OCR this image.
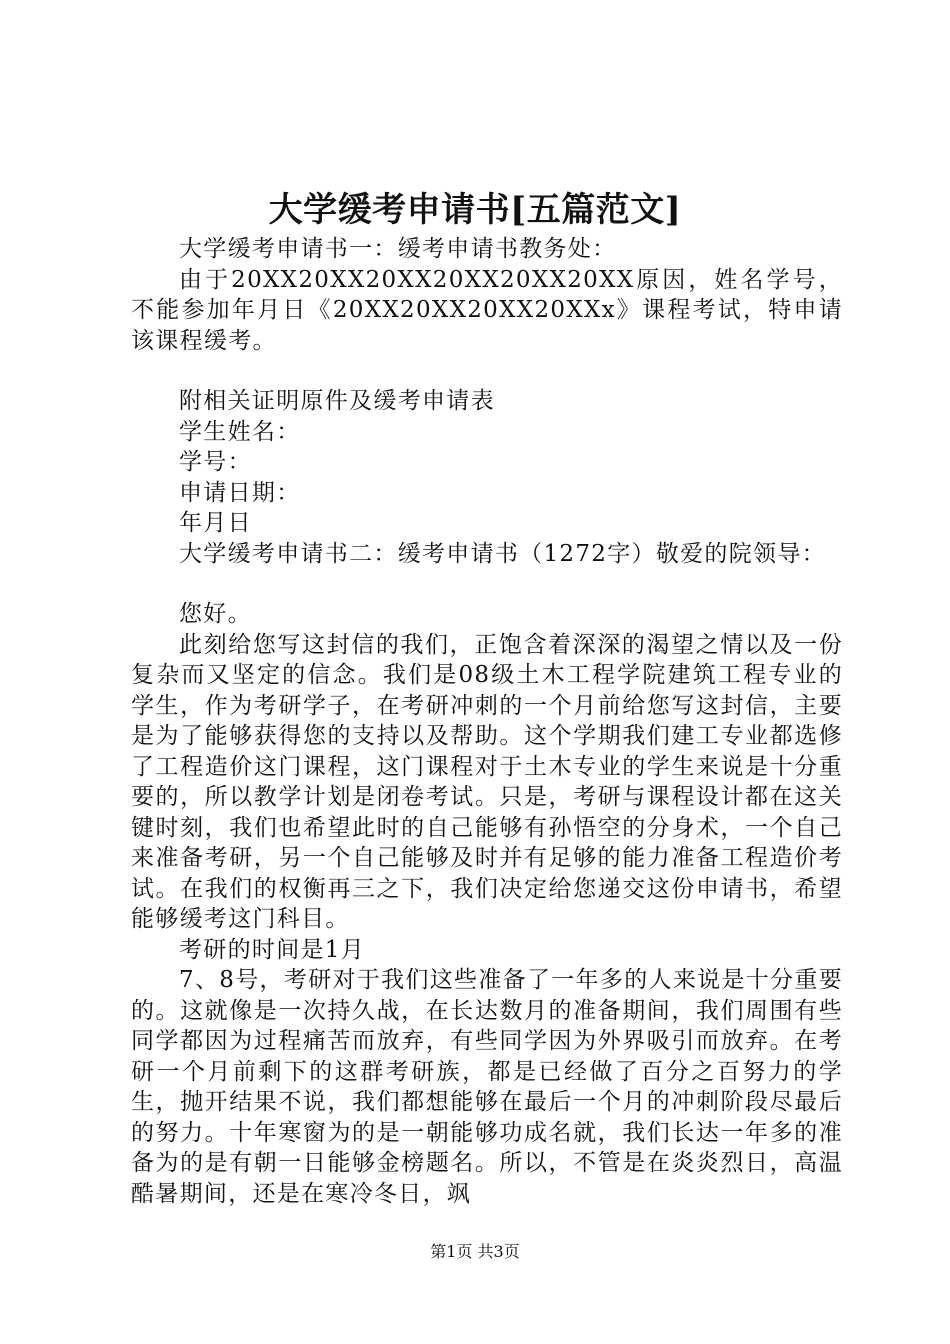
大学缓考申请书[五篇范文]

大学缓考申请书一：缓考申请书教务处：

由于20XX20XX20XX20XX20XX20XX原因，姓名学号，不能参加年月日《20XX20XX20XX20XXx》课程考试，特申请该课程缓考。

附相关证明原件及缓考申请表

学生姓名：

学号：

申请日期：

年月日

大学缓考申请书二：缓考申请书（1272字）敬爱的院领导：

您好。

此刻给您写这封信的我们，正饱含着深深的渴望之情以及一份复杂而又坚定的信念。我们是08级土木工程学院建筑工程专业的学生，作为考研学子，在考研冲刺的一个月前给您写这封信，主要是为了能够获得您的支持以及帮助。这个学期我们建工专业都选修了工程造价这门课程，这门课程对于土木专业的学生来说是十分重要的，所以教学计划是闭卷考试。只是，考研与课程设计都在这关键时刻，我们也希望此时的自己能够有孙悟空的分身术，一个自己来准备考研，另一个自己能够及时并有足够的能力准备工程造价考试。在我们的权衡再三之下，我们决定给您递交这份申请书，希望能够缓考这门科目。

考研的时间是1月

7、8号，考研对于我们这些准备了一年多的人来说是十分重要的。这就像是一次持久战，在长达数月的准备期间，我们周围有些同学都因为过程痛苦而放弃，有些同学因为外界吸引而放弃。在考研一个月前剩下的这群考研族，都是已经做了百分之百努力的学生，抛开结果不说，我们都想能够在最后一个月的冲刺阶段尽最后的努力。十年寒窗为的是一朝能够功成名就，我们长达一年多的准备为的是有朝一日能够金榜题名。所以，不管是在炎炎烈日，高温酷暑期间，还是在寒冷冬日，飒

第1页 共3页
